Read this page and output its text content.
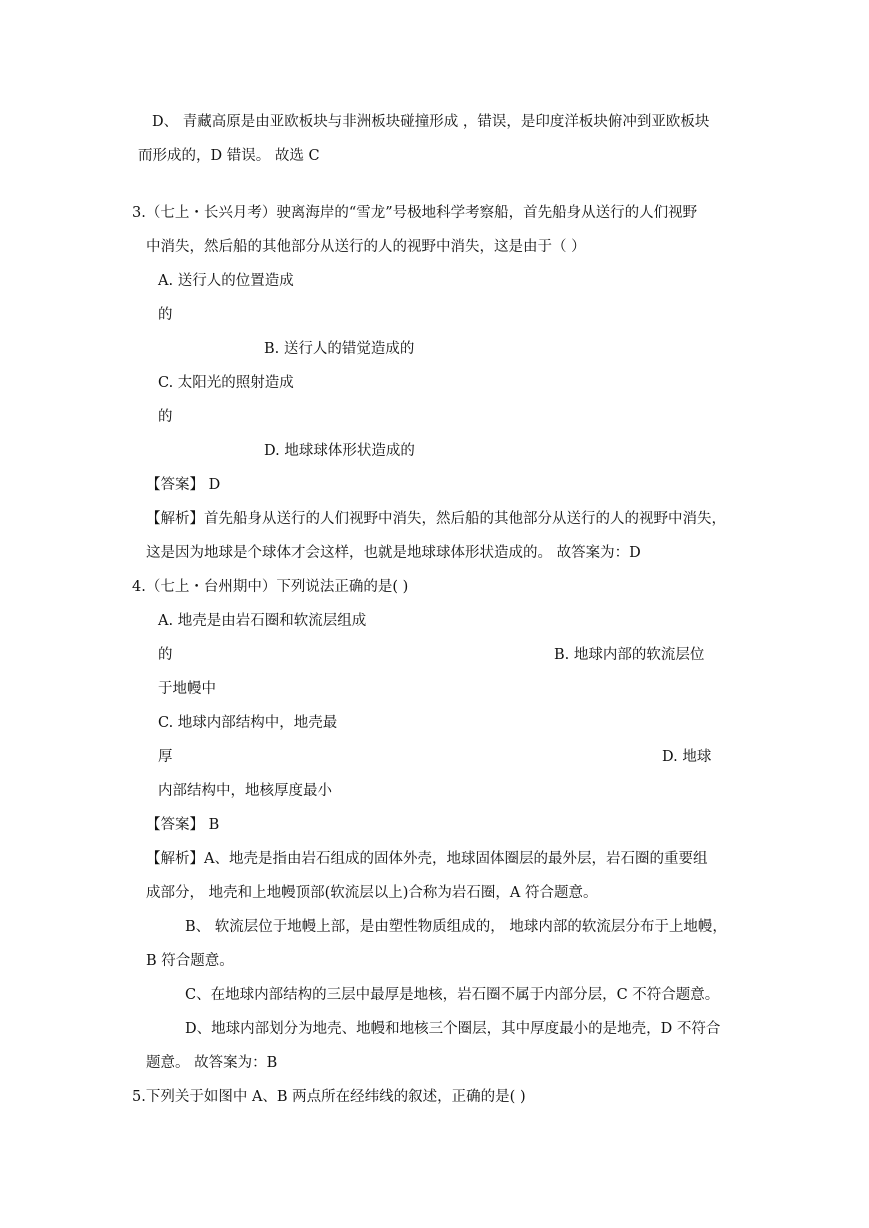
D、 青藏高原是由亚欧板块与非洲板块碰撞形成 ，错误，是印度洋板块俯冲到亚欧板块
而形成的，D 错误。 故选 C
3.（七上・长兴月考）驶离海岸的“雪龙”号极地科学考察船，首先船身从送行的人们视野
中消失，然后船的其他部分从送行的人的视野中消失，这是由于（ ）
A. 送行人的位置造成
的
B. 送行人的错觉造成的
C. 太阳光的照射造成
的
D. 地球球体形状造成的
【答案】 D
【解析】首先船身从送行的人们视野中消失，然后船的其他部分从送行的人的视野中消失，
这是因为地球是个球体才会这样，也就是地球球体形状造成的。 故答案为：D
4.（七上・台州期中）下列说法正确的是( )
A. 地壳是由岩石圈和软流层组成
的	B. 地球内部的软流层位
于地幔中
C. 地球内部结构中，地壳最
厚	D. 地球
内部结构中，地核厚度最小
【答案】 B
【解析】A、地壳是指由岩石组成的固体外壳，地球固体圈层的最外层，岩石圈的重要组
成部分， 地壳和上地幔顶部(软流层以上)合称为岩石圈，A 符合题意。
B、 软流层位于地幔上部，是由塑性物质组成的， 地球内部的软流层分布于上地幔，
B 符合题意。
C、在地球内部结构的三层中最厚是地核，岩石圈不属于内部分层，C 不符合题意。
D、地球内部划分为地壳、地幔和地核三个圈层，其中厚度最小的是地壳，D 不符合
题意。 故答案为：B
5.下列关于如图中 A、B 两点所在经纬线的叙述，正确的是( )
